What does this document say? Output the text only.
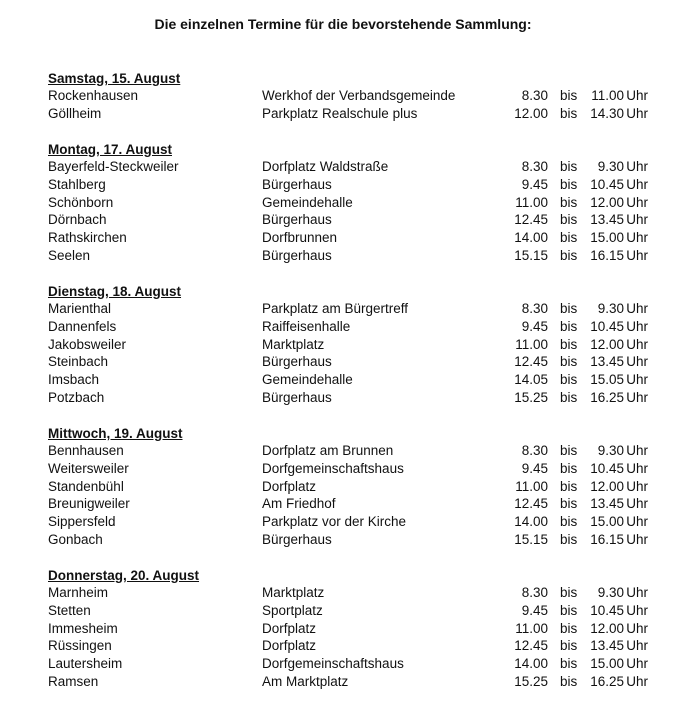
Die einzelnen Termine für die bevorstehende Sammlung:
Samstag, 15. August
Rockenhausen	Werkhof der Verbandsgemeinde	8.30 bis 11.00 Uhr
Göllheim	Parkplatz Realschule plus	12.00 bis 14.30 Uhr
Montag, 17. August
Bayerfeld-Steckweiler	Dorfplatz Waldstraße	8.30 bis 9.30 Uhr
Stahlberg	Bürgerhaus	9.45 bis 10.45 Uhr
Schönborn	Gemeindehalle	11.00 bis 12.00 Uhr
Dörnbach	Bürgerhaus	12.45 bis 13.45 Uhr
Rathskirchen	Dorfbrunnen	14.00 bis 15.00 Uhr
Seelen	Bürgerhaus	15.15 bis 16.15 Uhr
Dienstag, 18. August
Marienthal	Parkplatz am Bürgertreff	8.30 bis 9.30 Uhr
Dannenfels	Raiffeisenhalle	9.45 bis 10.45 Uhr
Jakobsweiler	Marktplatz	11.00 bis 12.00 Uhr
Steinbach	Bürgerhaus	12.45 bis 13.45 Uhr
Imsbach	Gemeindehalle	14.05 bis 15.05 Uhr
Potzbach	Bürgerhaus	15.25 bis 16.25 Uhr
Mittwoch, 19. August
Bennhausen	Dorfplatz am Brunnen	8.30 bis 9.30 Uhr
Weitersweiler	Dorfgemeinschaftshaus	9.45 bis 10.45 Uhr
Standenbühl	Dorfplatz	11.00 bis 12.00 Uhr
Breunigweiler	Am Friedhof	12.45 bis 13.45 Uhr
Sippersfeld	Parkplatz vor der Kirche	14.00 bis 15.00 Uhr
Gonbach	Bürgerhaus	15.15 bis 16.15 Uhr
Donnerstag, 20. August
Marnheim	Marktplatz	8.30 bis 9.30 Uhr
Stetten	Sportplatz	9.45 bis 10.45 Uhr
Immesheim	Dorfplatz	11.00 bis 12.00 Uhr
Rüssingen	Dorfplatz	12.45 bis 13.45 Uhr
Lautersheim	Dorfgemeinschaftshaus	14.00 bis 15.00 Uhr
Ramsen	Am Marktplatz	15.25 bis 16.25 Uhr
